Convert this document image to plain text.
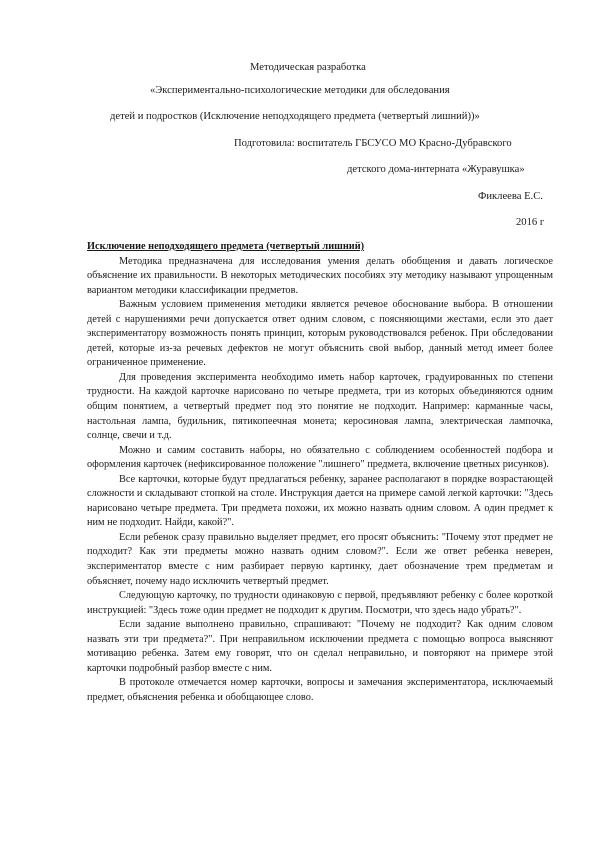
Методическая разработка
«Экспериментально-психологические методики для обследования
детей и подростков (Исключение неподходящего предмета (четвертый лишний))»
Подготовила: воспитатель ГБСУСО МО Красно-Дубравского
детского дома-интерната «Журавушка»
Фиклеева Е.С.
2016 г

Исключение неподходящего предмета (четвертый лишний)

Методика предназначена для исследования умения делать обобщения и давать логическое объяснение их правильности. В некоторых методических пособиях эту методику называют упрощенным вариантом методики классификации предметов.

Важным условием применения методики является речевое обоснование выбора. В отношении детей с нарушениями речи допускается ответ одним словом, с поясняющими жестами, если это дает экспериментатору возможность понять принцип, которым руководствовался ребенок. При обследовании детей, которые из-за речевых дефектов не могут объяснить свой выбор, данный метод имеет более ограниченное применение.

Для проведения эксперимента необходимо иметь набор карточек, градуированных по степени трудности. На каждой карточке нарисовано по четыре предмета, три из которых объединяются одним общим понятием, а четвертый предмет под это понятие не подходит. Например: карманные часы, настольная лампа, будильник, пятикопеечная монета; керосиновая лампа, электрическая лампочка, солнце, свечи и т.д.

Можно и самим составить наборы, но обязательно с соблюдением особенностей подбора и оформления карточек (нефиксированное положение "лишнего" предмета, включение цветных рисунков).

Все карточки, которые будут предлагаться ребенку, заранее располагают в порядке возрастающей сложности и складывают стопкой на столе. Инструкция дается на примере самой легкой карточки: "Здесь нарисовано четыре предмета. Три предмета похожи, их можно назвать одним словом. А один предмет к ним не подходит. Найди, какой?".

Если ребенок сразу правильно выделяет предмет, его просят объяснить: "Почему этот предмет не подходит? Как эти предметы можно назвать одним словом?". Если же ответ ребенка неверен, экспериментатор вместе с ним разбирает первую картинку, дает обозначение трем предметам и объясняет, почему надо исключить четвертый предмет.

Следующую карточку, по трудности одинаковую с первой, предъявляют ребенку с более короткой инструкцией: "Здесь тоже один предмет не подходит к другим. Посмотри, что здесь надо убрать?".

Если задание выполнено правильно, спрашивают: "Почему не подходит? Как одним словом назвать эти три предмета?". При неправильном исключении предмета с помощью вопроса выясняют мотивацию ребенка. Затем ему говорят, что он сделал неправильно, и повторяют на примере этой карточки подробный разбор вместе с ним.

В протоколе отмечается номер карточки, вопросы и замечания экспериментатора, исключаемый предмет, объяснения ребенка и обобщающее слово.
